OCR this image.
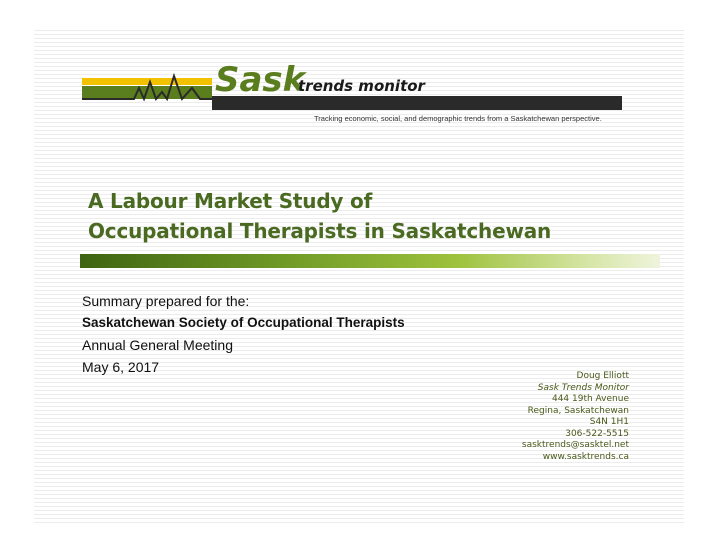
Sask
trends monitor
Tracking economic, social, and demographic trends from a Saskatchewan perspective.
A Labour Market Study of
Occupational Therapists in Saskatchewan
Summary prepared for the:
Saskatchewan Society of Occupational Therapists
Annual General Meeting
May 6, 2017
Doug Elliott
Sask Trends Monitor
444 19th Avenue
Regina, Saskatchewan
S4N 1H1
306-522-5515
sasktrends@sasktel.net
www.sasktrends.ca
